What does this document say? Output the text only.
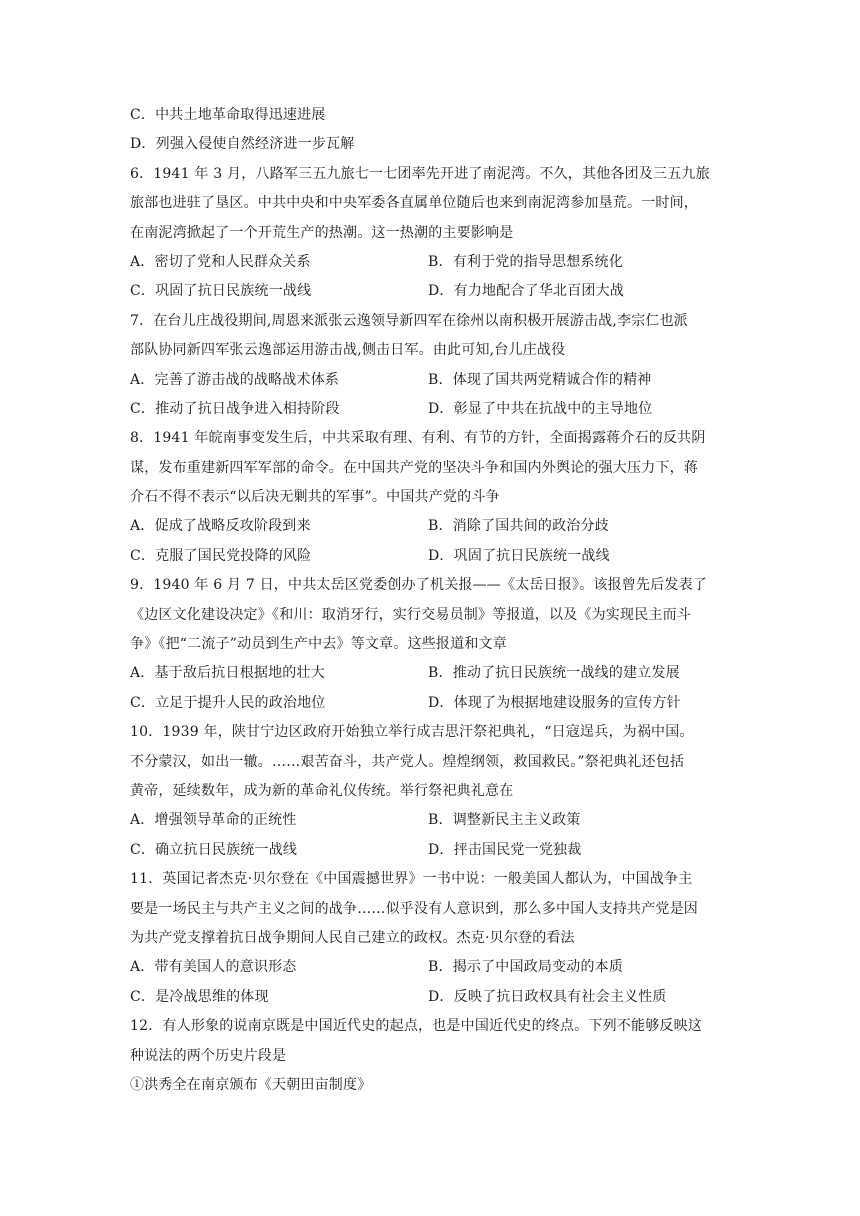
C．中共土地革命取得迅速进展
D．列强入侵使自然经济进一步瓦解
6．1941 年 3 月，八路军三五九旅七一七团率先开进了南泥湾。不久，其他各团及三五九旅
旅部也进驻了垦区。中共中央和中央军委各直属单位随后也来到南泥湾参加垦荒。一时间，
在南泥湾掀起了一个开荒生产的热潮。这一热潮的主要影响是
A．密切了党和人民群众关系	B．有利于党的指导思想系统化
C．巩固了抗日民族统一战线	D．有力地配合了华北百团大战
7．在台儿庄战役期间,周恩来派张云逸领导新四军在徐州以南积极开展游击战,李宗仁也派
部队协同新四军张云逸部运用游击战,侧击日军。由此可知,台儿庄战役
A．完善了游击战的战略战术体系	B．体现了国共两党精诚合作的精神
C．推动了抗日战争进入相持阶段	D．彰显了中共在抗战中的主导地位
8．1941 年皖南事变发生后，中共采取有理、有利、有节的方针，全面揭露蒋介石的反共阴
谋，发布重建新四军军部的命令。在中国共产党的坚决斗争和国内外舆论的强大压力下，蒋
介石不得不表示“以后决无剿共的军事”。中国共产党的斗争
A．促成了战略反攻阶段到来	B．消除了国共间的政治分歧
C．克服了国民党投降的风险	D．巩固了抗日民族统一战线
9．1940 年 6 月 7 日，中共太岳区党委创办了机关报——《太岳日报》。该报曾先后发表了
《边区文化建设决定》《和川：取消牙行，实行交易员制》等报道，以及《为实现民主而斗
争》《把“二流子”动员到生产中去》等文章。这些报道和文章
A．基于敌后抗日根据地的壮大	B．推动了抗日民族统一战线的建立发展
C．立足于提升人民的政治地位	D．体现了为根据地建设服务的宣传方针
10．1939 年，陕甘宁边区政府开始独立举行成吉思汗祭祀典礼，“日寇逞兵，为祸中国。
不分蒙汉，如出一辙。……艰苦奋斗，共产党人。煌煌纲领，救国救民。”祭祀典礼还包括
黄帝，延续数年，成为新的革命礼仪传统。举行祭祀典礼意在
A．增强领导革命的正统性	B．调整新民主主义政策
C．确立抗日民族统一战线	D．抨击国民党一党独裁
11．英国记者杰克·贝尔登在《中国震撼世界》一书中说：一般美国人都认为，中国战争主
要是一场民主与共产主义之间的战争……似乎没有人意识到，那么多中国人支持共产党是因
为共产党支撑着抗日战争期间人民自己建立的政权。杰克·贝尔登的看法
A．带有美国人的意识形态	B．揭示了中国政局变动的本质
C．是冷战思维的体现	D．反映了抗日政权具有社会主义性质
12．有人形象的说南京既是中国近代史的起点，也是中国近代史的终点。下列不能够反映这
种说法的两个历史片段是
①洪秀全在南京颁布《天朝田亩制度》
